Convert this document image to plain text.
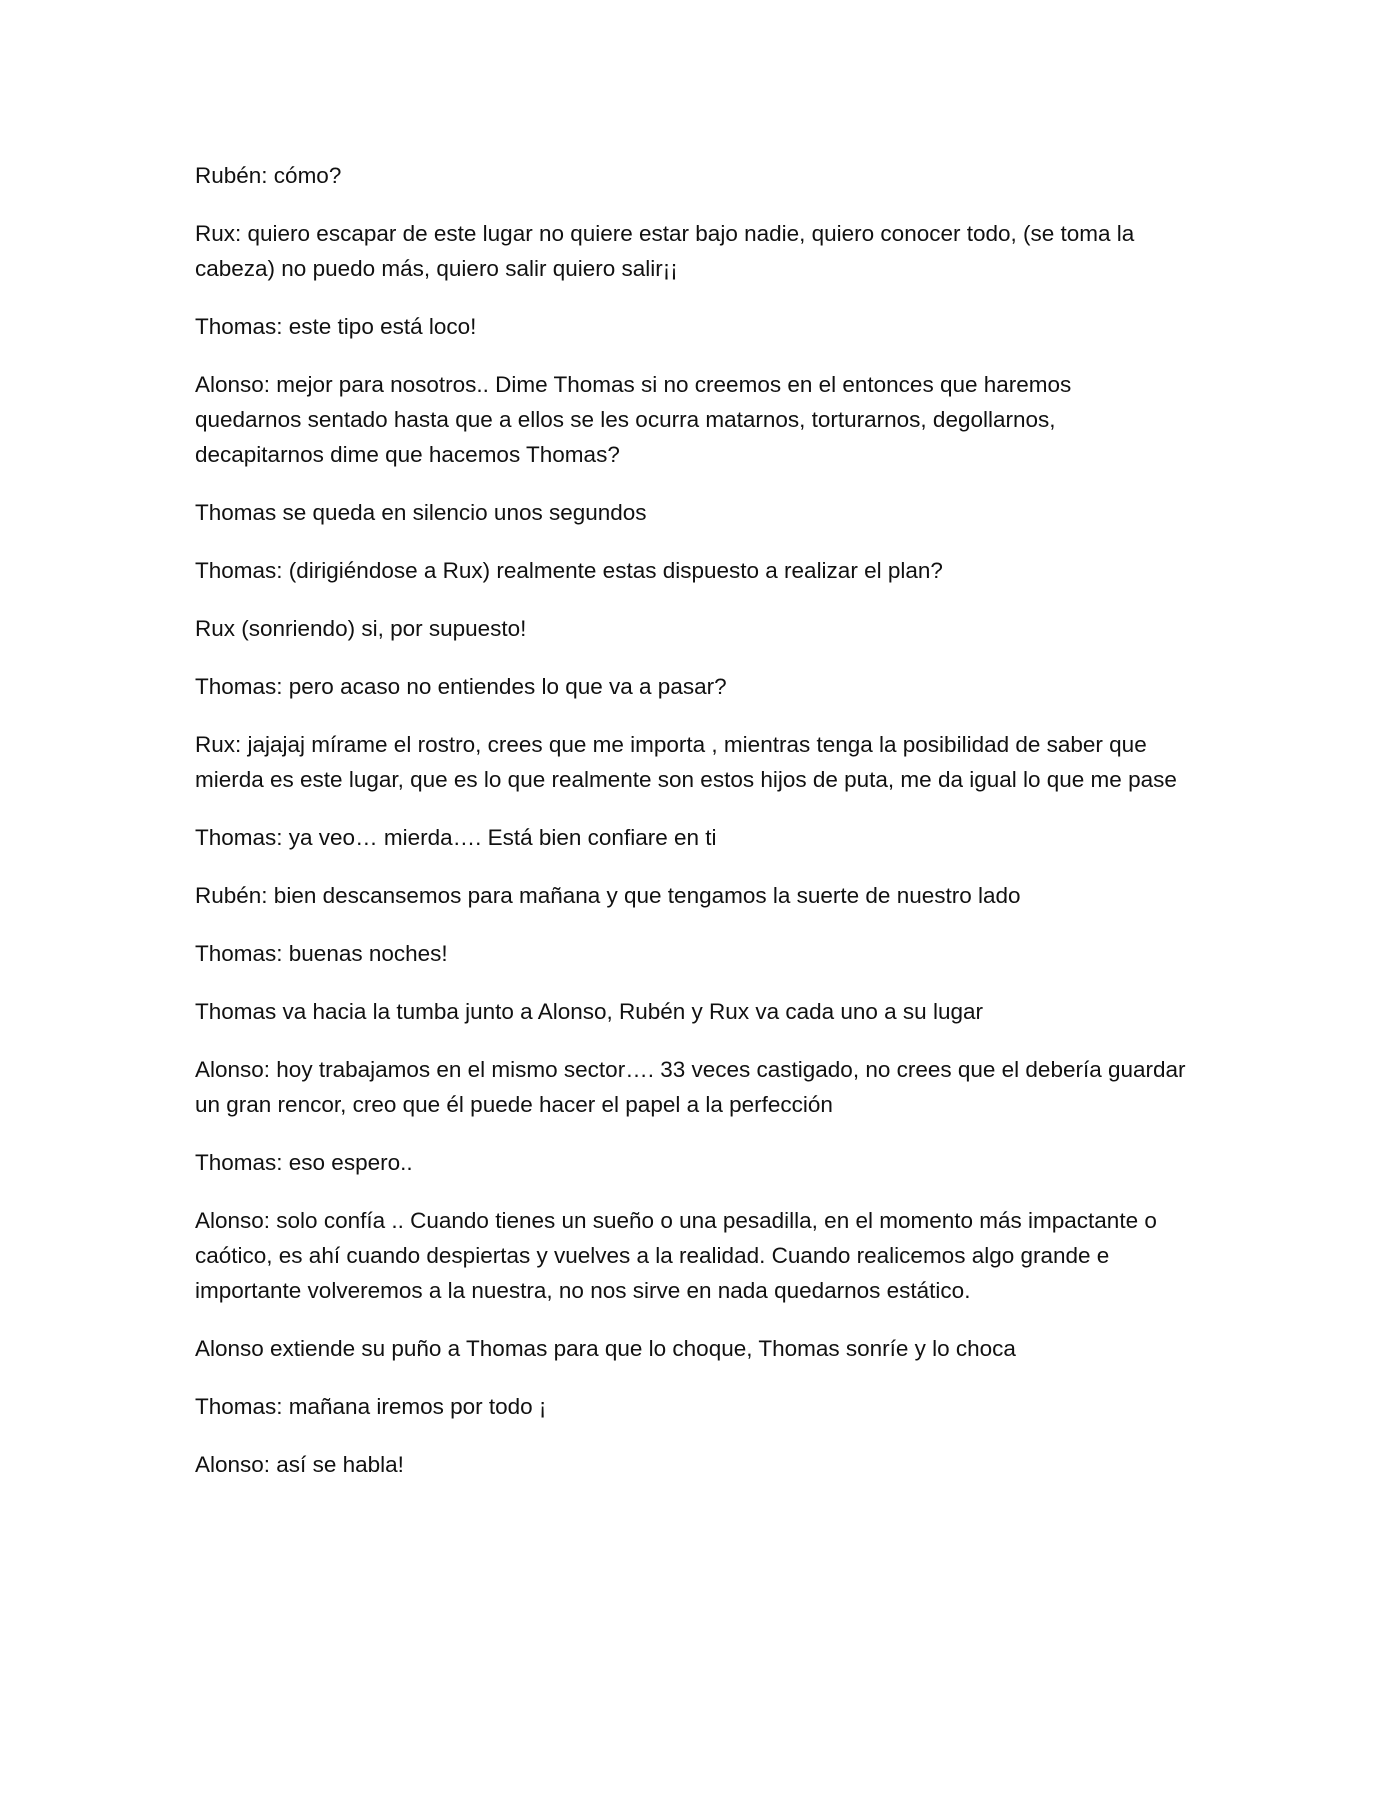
Rubén: cómo?

Rux: quiero escapar de este lugar no quiere estar bajo nadie, quiero conocer todo, (se toma la
cabeza) no puedo más, quiero salir quiero salir¡¡

Thomas: este tipo está loco!

Alonso: mejor para nosotros.. Dime Thomas si no creemos en el entonces que haremos
quedarnos sentado hasta que a ellos se les ocurra matarnos, torturarnos, degollarnos,
decapitarnos dime que hacemos Thomas?

Thomas se queda en silencio unos segundos

Thomas: (dirigiéndose a Rux) realmente estas dispuesto a realizar el plan?

Rux (sonriendo) si, por supuesto!

Thomas: pero acaso no entiendes lo que va a pasar?

Rux: jajajaj mírame el rostro, crees que me importa , mientras tenga la posibilidad de saber que
mierda es este lugar, que es lo que realmente son estos hijos de puta, me da igual lo que me pase

Thomas: ya veo… mierda…. Está bien confiare en ti

Rubén: bien descansemos para mañana y que tengamos la suerte de nuestro lado

Thomas: buenas noches!

Thomas va hacia la tumba junto a Alonso, Rubén y Rux va cada uno a su lugar

Alonso: hoy trabajamos en el mismo sector…. 33 veces castigado, no crees que el debería guardar
un gran rencor, creo que él puede hacer el papel a la perfección

Thomas: eso espero..

Alonso: solo confía .. Cuando tienes un sueño o una pesadilla, en el momento más impactante o
caótico, es ahí cuando despiertas y vuelves a la realidad. Cuando realicemos algo grande e
importante volveremos a la nuestra, no nos sirve en nada quedarnos estático.

Alonso extiende su puño a Thomas para que lo choque, Thomas sonríe y lo choca

Thomas: mañana iremos por todo ¡

Alonso: así se habla!
